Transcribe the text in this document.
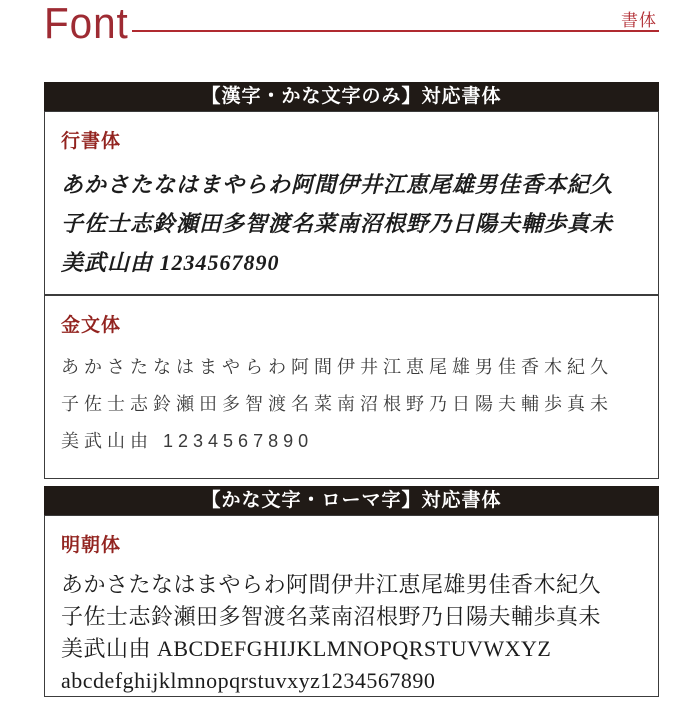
Font	書体
【漢字・かな文字のみ】対応書体
行書体
あかさたなはまやらわ阿間伊井江恵尾雄男佳香本紀久
子佐士志鈴瀬田多智渡名菜南沼根野乃日陽夫輔歩真未
美武山由 1234567890
金文体
あかさたなはまやらわ阿間伊井江恵尾雄男佳香木紀久
子佐士志鈴瀬田多智渡名菜南沼根野乃日陽夫輔歩真未
美武山由 1234567890
【かな文字・ローマ字】対応書体
明朝体
あかさたなはまやらわ阿間伊井江恵尾雄男佳香木紀久
子佐士志鈴瀬田多智渡名菜南沼根野乃日陽夫輔歩真未
美武山由 ABCDEFGHIJKLMNOPQRSTUVWXYZ
abcdefghijklmnopqrstuvxyz1234567890
